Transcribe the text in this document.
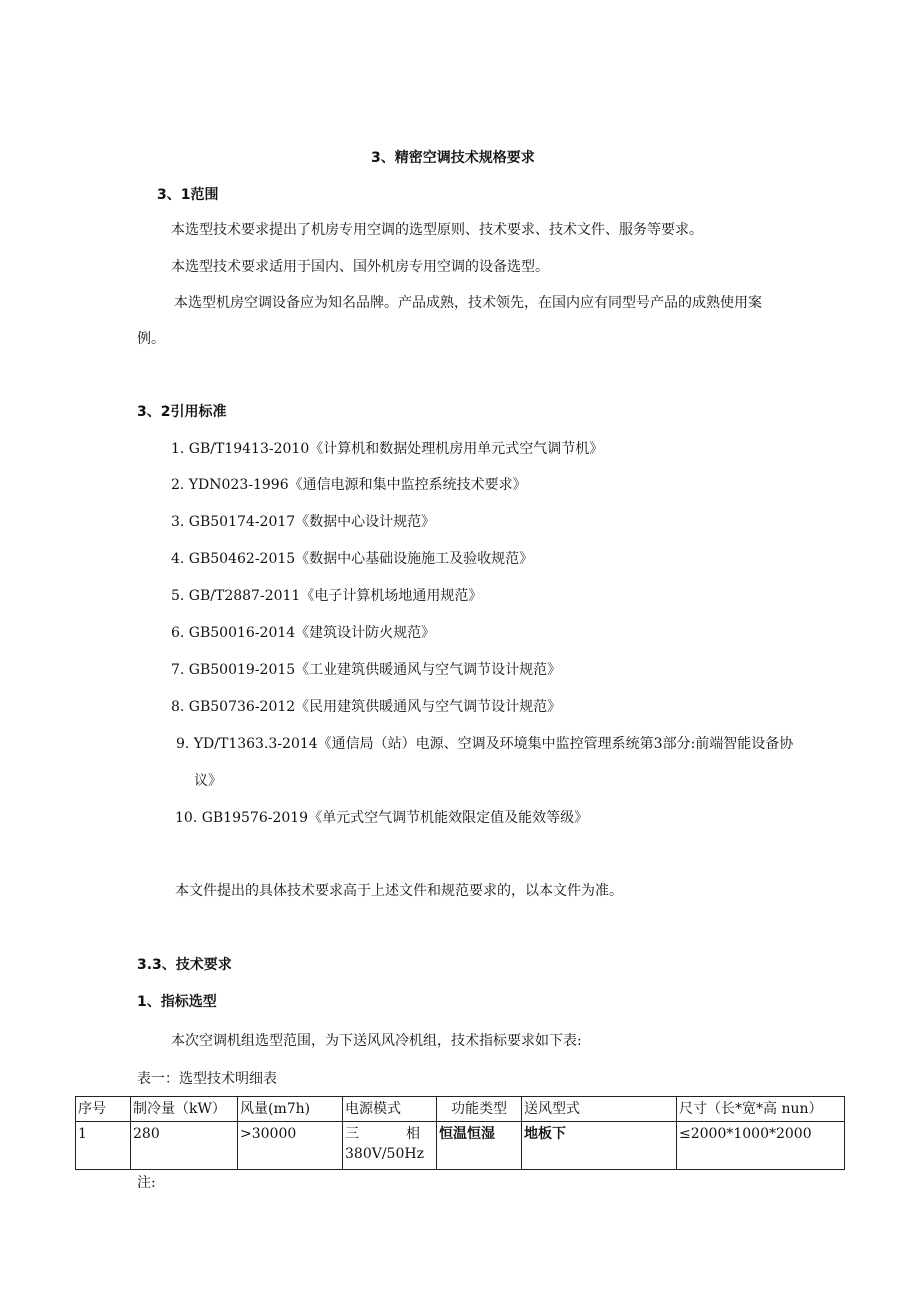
3、精密空调技术规格要求
3、1范围
本选型技术要求提出了机房专用空调的选型原则、技术要求、技术文件、服务等要求。
本选型技术要求适用于国内、国外机房专用空调的设备选型。
本选型机房空调设备应为知名品牌。产品成熟，技术领先，在国内应有同型号产品的成熟使用案
例。
3、2引用标准
1. GB/T19413-2010《计算机和数据处理机房用单元式空气调节机》
2. YDN023-1996《通信电源和集中监控系统技术要求》
3. GB50174-2017《数据中心设计规范》
4. GB50462-2015《数据中心基础设施施工及验收规范》
5. GB/T2887-2011《电子计算机场地通用规范》
6. GB50016-2014《建筑设计防火规范》
7. GB50019-2015《工业建筑供暖通风与空气调节设计规范》
8. GB50736-2012《民用建筑供暖通风与空气调节设计规范》
9. YD/T1363.3-2014《通信局（站）电源、空调及环境集中监控管理系统第3部分:前端智能设备协
议》
10. GB19576-2019《单元式空气调节机能效限定值及能效等级》
本文件提出的具体技术要求高于上述文件和规范要求的，以本文件为准。
3.3、技术要求
1、指标选型
本次空调机组选型范围，为下送风风冷机组，技术指标要求如下表:
表一：选型技术明细表
序号	制冷量（kW）	风量(m7h)	电源模式	功能类型	送风型式	尺寸（长*宽*高 nun）
1	280	>30000	三 相
380V/50Hz	恒温恒湿	地板下	≤2000*1000*2000
注:
